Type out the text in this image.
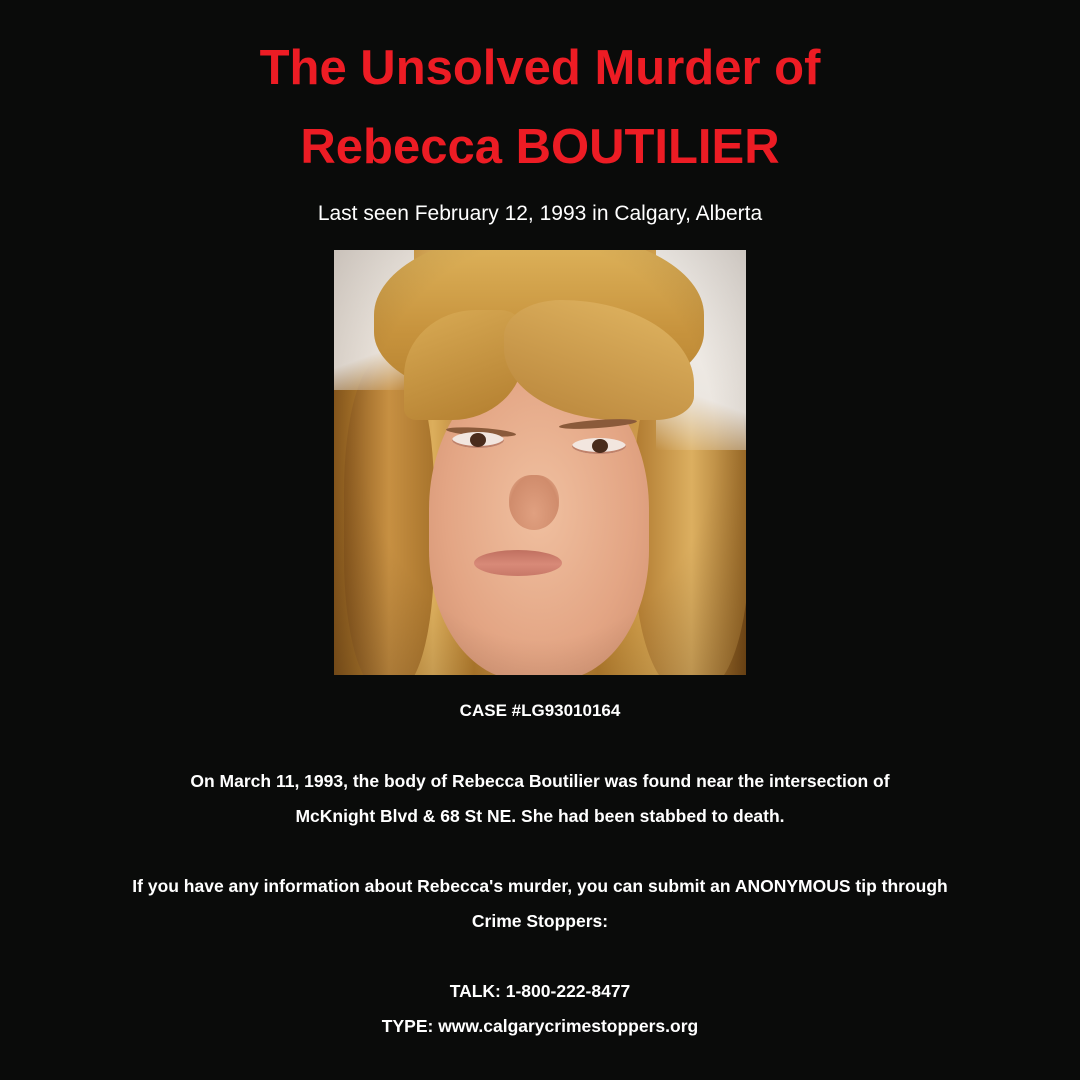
The Unsolved Murder of
Rebecca BOUTILIER
Last seen February 12, 1993 in Calgary, Alberta
CASE #LG93010164

On March 11, 1993, the body of Rebecca Boutilier was found near the intersection of
McKnight Blvd & 68 St NE. She had been stabbed to death.

If you have any information about Rebecca's murder, you can submit an ANONYMOUS tip through
Crime Stoppers:

TALK: 1-800-222-8477
TYPE: www.calgarycrimestoppers.org
